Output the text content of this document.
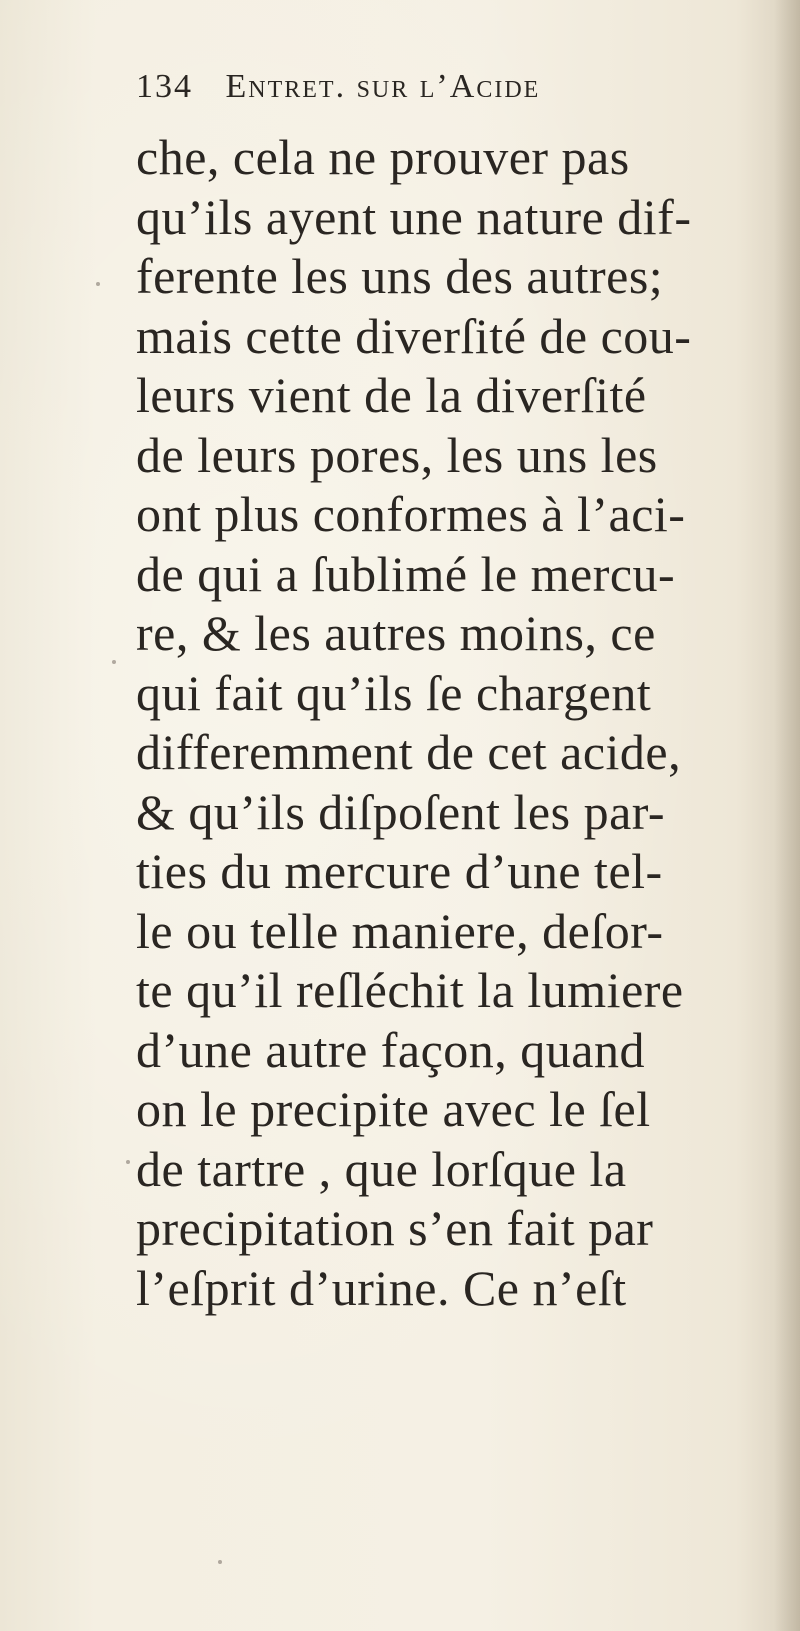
134 Entret. sur l’Acide
che, cela ne prouver pas
qu’ils ayent une nature dif-
ferente les uns des autres;
mais cette diverſité de cou-
leurs vient de la diverſité
de leurs pores, les uns les
ont plus conformes à l’aci-
de qui a ſublimé le mercu-
re, & les autres moins, ce
qui fait qu’ils ſe chargent
differemment de cet acide,
& qu’ils diſpoſent les par-
ties du mercure d’une tel-
le ou telle maniere, deſor-
te qu’il reſléchit la lumiere
d’une autre façon, quand
on le precipite avec le ſel
de tartre , que lorſque la
precipitation s’en fait par
l’eſprit d’urine. Ce n’eſt
